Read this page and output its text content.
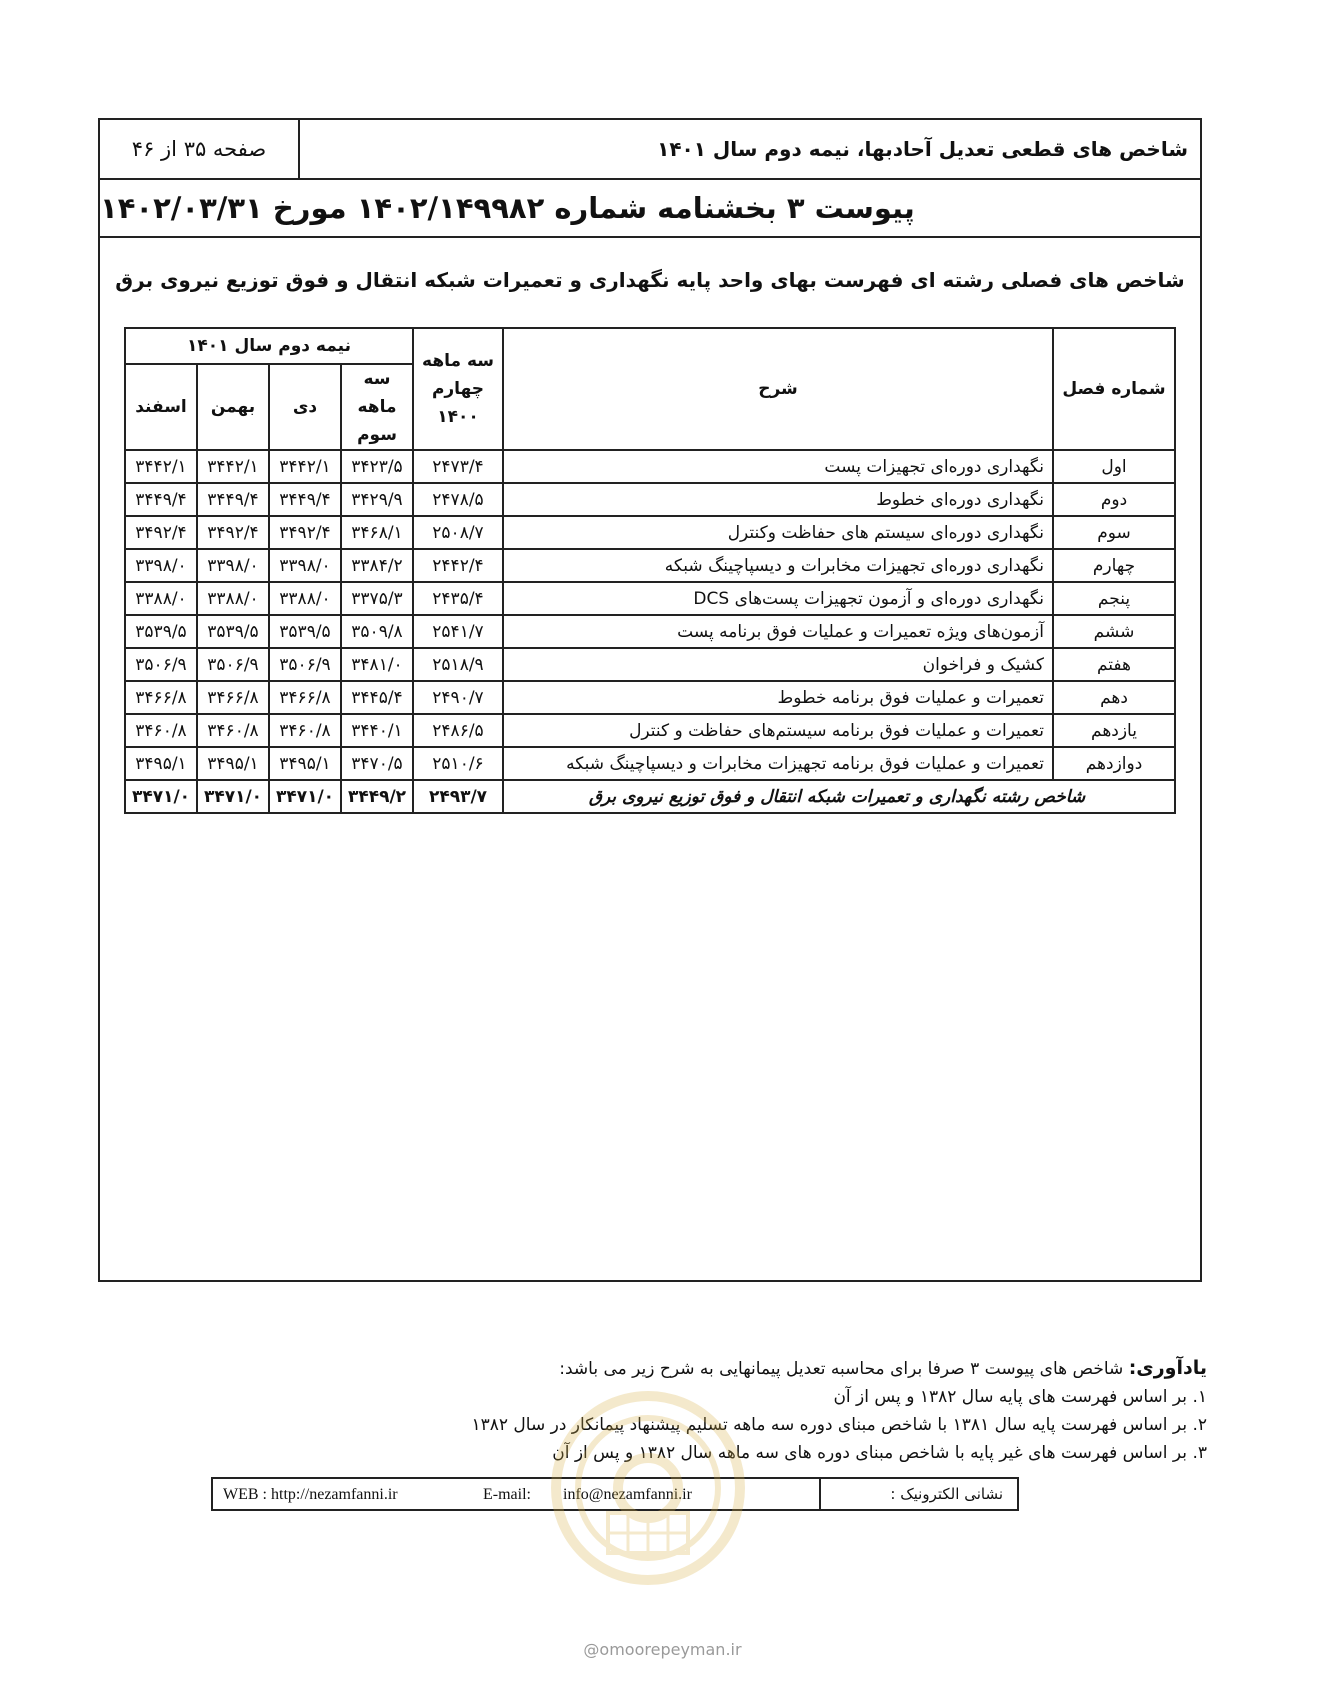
صفحه ۳۵ از ۴۶	شاخص های قطعی تعدیل آحادبها، نیمه دوم سال ۱۴۰۱
پیوست ۳ بخشنامه شماره ۱۴۰۲/۱۴۹۹۸۲ مورخ ۱۴۰۲/۰۳/۳۱
شاخص های فصلی رشته ای فهرست بهای واحد پایه نگهداری و تعمیرات شبکه انتقال و فوق توزیع نیروی برق
شماره فصل	شرح	سه ماهه چهارم ۱۴۰۰	نیمه دوم سال ۱۴۰۱			
			سه ماهه سوم	دی	بهمن	اسفند
اول	نگهداری دوره‌ای تجهیزات پست	۲۴۷۳/۴	۳۴۲۳/۵	۳۴۴۲/۱	۳۴۴۲/۱	۳۴۴۲/۱
دوم	نگهداری دوره‌ای خطوط	۲۴۷۸/۵	۳۴۲۹/۹	۳۴۴۹/۴	۳۴۴۹/۴	۳۴۴۹/۴
سوم	نگهداری دوره‌ای سیستم های حفاظت وکنترل	۲۵۰۸/۷	۳۴۶۸/۱	۳۴۹۲/۴	۳۴۹۲/۴	۳۴۹۲/۴
چهارم	نگهداری دوره‌ای تجهیزات مخابرات و دیسپاچینگ شبکه	۲۴۴۲/۴	۳۳۸۴/۲	۳۳۹۸/۰	۳۳۹۸/۰	۳۳۹۸/۰
پنجم	نگهداری دوره‌ای و آزمون تجهیزات پست‌های DCS	۲۴۳۵/۴	۳۳۷۵/۳	۳۳۸۸/۰	۳۳۸۸/۰	۳۳۸۸/۰
ششم	آزمون‌های ویژه تعمیرات و عملیات فوق برنامه پست	۲۵۴۱/۷	۳۵۰۹/۸	۳۵۳۹/۵	۳۵۳۹/۵	۳۵۳۹/۵
هفتم	کشیک و فراخوان	۲۵۱۸/۹	۳۴۸۱/۰	۳۵۰۶/۹	۳۵۰۶/۹	۳۵۰۶/۹
دهم	تعمیرات و عملیات فوق برنامه خطوط	۲۴۹۰/۷	۳۴۴۵/۴	۳۴۶۶/۸	۳۴۶۶/۸	۳۴۶۶/۸
یازدهم	تعمیرات و عملیات فوق برنامه سیستم‌های حفاظت و کنترل	۲۴۸۶/۵	۳۴۴۰/۱	۳۴۶۰/۸	۳۴۶۰/۸	۳۴۶۰/۸
دوازدهم	تعمیرات و عملیات فوق برنامه تجهیزات مخابرات و دیسپاچینگ شبکه	۲۵۱۰/۶	۳۴۷۰/۵	۳۴۹۵/۱	۳۴۹۵/۱	۳۴۹۵/۱
شاخص رشته نگهداری و تعمیرات شبکه انتقال و فوق توزیع نیروی برق		۲۴۹۳/۷	۳۴۴۹/۲	۳۴۷۱/۰	۳۴۷۱/۰	۳۴۷۱/۰
یادآوری: شاخص های پیوست ۳ صرفا برای محاسبه تعدیل پیمانهایی به شرح زیر می باشد:
۱. بر اساس فهرست های پایه سال ۱۳۸۲ و پس از آن
۲. بر اساس فهرست پایه سال ۱۳۸۱ با شاخص مبنای دوره سه ماهه تسلیم پیشنهاد پیمانکار در سال ۱۳۸۲
۳. بر اساس فهرست های غیر پایه با شاخص مبنای دوره های سه ماهه سال ۱۳۸۲ و پس از آن
نشانی الکترونیک :
WEB : http://nezamfanni.ir	E-mail: info@nezamfanni.ir
@omoorepeyman.ir
